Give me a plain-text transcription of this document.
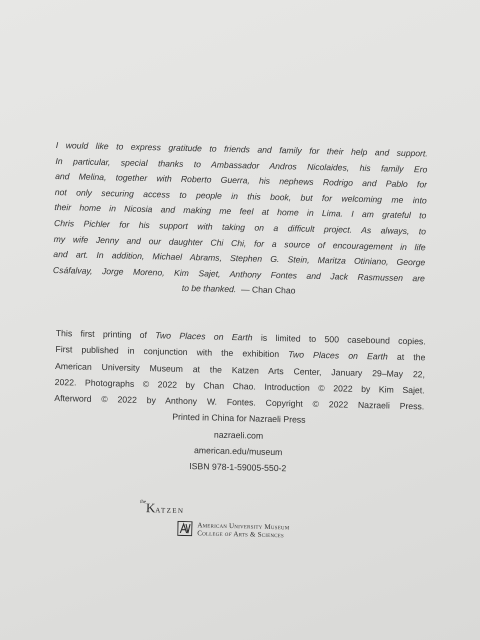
I would like to express gratitude to friends and family for their help and support.
In particular, special thanks to Ambassador Andros Nicolaides, his family Ero
and Melina, together with Roberto Guerra, his nephews Rodrigo and Pablo for
not only securing access to people in this book, but for welcoming me into
their home in Nicosia and making me feel at home in Lima. I am grateful to
Chris Pichler for his support with taking on a difficult project. As always, to
my wife Jenny and our daughter Chi Chi, for a source of encouragement in life
and art. In addition, Michael Abrams, Stephen G. Stein, Maritza Otiniano, George
Csáfalvay, Jorge Moreno, Kim Sajet, Anthony Fontes and Jack Rasmussen are
to be thanked. — Chan Chao
This first printing of Two Places on Earth is limited to 500 casebound copies.
First published in conjunction with the exhibition Two Places on Earth at the
American University Museum at the Katzen Arts Center, January 29–May 22,
2022. Photographs © 2022 by Chan Chao. Introduction © 2022 by Kim Sajet.
Afterword © 2022 by Anthony W. Fontes. Copyright © 2022 Nazraeli Press.
Printed in China for Nazraeli Press
nazraeli.com
american.edu/museum
ISBN 978-1-59005-550-2
$^{the}$KATZEN
American University Museum
College of Arts & Sciences
